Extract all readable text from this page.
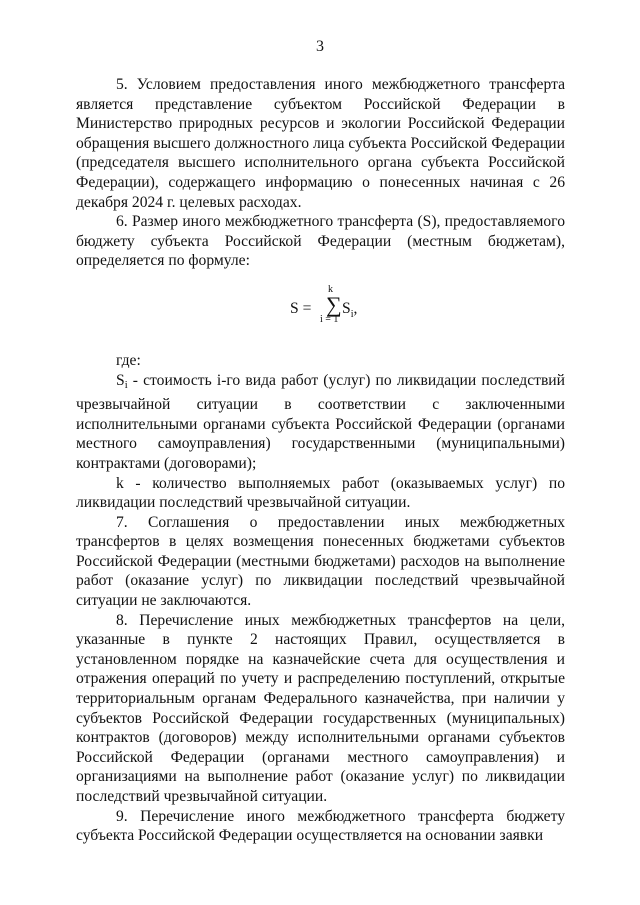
3

5. Условием предоставления иного межбюджетного трансферта является представление субъектом Российской Федерации в Министерство природных ресурсов и экологии Российской Федерации обращения высшего должностного лица субъекта Российской Федерации (председателя высшего исполнительного органа субъекта Российской Федерации), содержащего информацию о понесенных начиная с 26 декабря 2024 г. целевых расходах.

6. Размер иного межбюджетного трансферта (S), предоставляемого бюджету субъекта Российской Федерации (местным бюджетам), определяется по формуле:

S =
k
∑
i = 1
$S_i$,

где:

$S_i$ - стоимость i-го вида работ (услуг) по ликвидации последствий чрезвычайной ситуации в соответствии с заключенными исполнительными органами субъекта Российской Федерации (органами местного самоуправления) государственными (муниципальными) контрактами (договорами);

k - количество выполняемых работ (оказываемых услуг) по ликвидации последствий чрезвычайной ситуации.

7. Соглашения о предоставлении иных межбюджетных трансфертов в целях возмещения понесенных бюджетами субъектов Российской Федерации (местными бюджетами) расходов на выполнение работ (оказание услуг) по ликвидации последствий чрезвычайной ситуации не заключаются.

8. Перечисление иных межбюджетных трансфертов на цели, указанные в пункте 2 настоящих Правил, осуществляется в установленном порядке на казначейские счета для осуществления и отражения операций по учету и распределению поступлений, открытые территориальным органам Федерального казначейства, при наличии у субъектов Российской Федерации государственных (муниципальных) контрактов (договоров) между исполнительными органами субъектов Российской Федерации (органами местного самоуправления) и организациями на выполнение работ (оказание услуг) по ликвидации последствий чрезвычайной ситуации.

9. Перечисление иного межбюджетного трансферта бюджету субъекта Российской Федерации осуществляется на основании заявки
